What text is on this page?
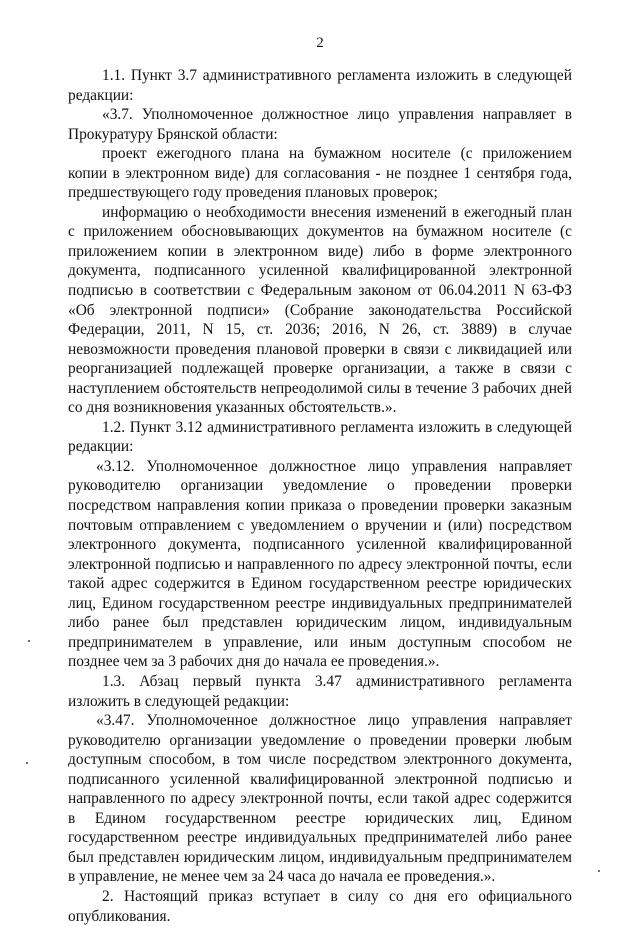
2

1.1. Пункт 3.7 административного регламента изложить в следующей редакции:

«3.7. Уполномоченное должностное лицо управления направляет в Прокуратуру Брянской области:

проект ежегодного плана на бумажном носителе (с приложением копии в электронном виде) для согласования - не позднее 1 сентября года, предшествующего году проведения плановых проверок;

информацию о необходимости внесения изменений в ежегодный план с приложением обосновывающих документов на бумажном носителе (с приложением копии в электронном виде) либо в форме электронного документа, подписанного усиленной квалифицированной электронной подписью в соответствии с Федеральным законом от 06.04.2011 N 63-ФЗ «Об электронной подписи» (Собрание законодательства Российской Федерации, 2011, N 15, ст. 2036; 2016, N 26, ст. 3889) в случае невозможности проведения плановой проверки в связи с ликвидацией или реорганизацией подлежащей проверке организации, а также в связи с наступлением обстоятельств непреодолимой силы в течение 3 рабочих дней со дня возникновения указанных обстоятельств.».

1.2. Пункт 3.12 административного регламента изложить в следующей редакции:

«3.12. Уполномоченное должностное лицо управления направляет руководителю организации уведомление о проведении проверки посредством направления копии приказа о проведении проверки заказным почтовым отправлением с уведомлением о вручении и (или) посредством электронного документа, подписанного усиленной квалифицированной электронной подписью и направленного по адресу электронной почты, если такой адрес содержится в Едином государственном реестре юридических лиц, Едином государственном реестре индивидуальных предпринимателей либо ранее был представлен юридическим лицом, индивидуальным предпринимателем в управление, или иным доступным способом не позднее чем за 3 рабочих дня до начала ее проведения.».

1.3. Абзац первый пункта 3.47 административного регламента изложить в следующей редакции:

«3.47. Уполномоченное должностное лицо управления направляет руководителю организации уведомление о проведении проверки любым доступным способом, в том числе посредством электронного документа, подписанного усиленной квалифицированной электронной подписью и направленного по адресу электронной почты, если такой адрес содержится в Едином государственном реестре юридических лиц, Едином государственном реестре индивидуальных предпринимателей либо ранее был представлен юридическим лицом, индивидуальным предпринимателем в управление, не менее чем за 24 часа до начала ее проведения.».

2. Настоящий приказ вступает в силу со дня его официального опубликования.
